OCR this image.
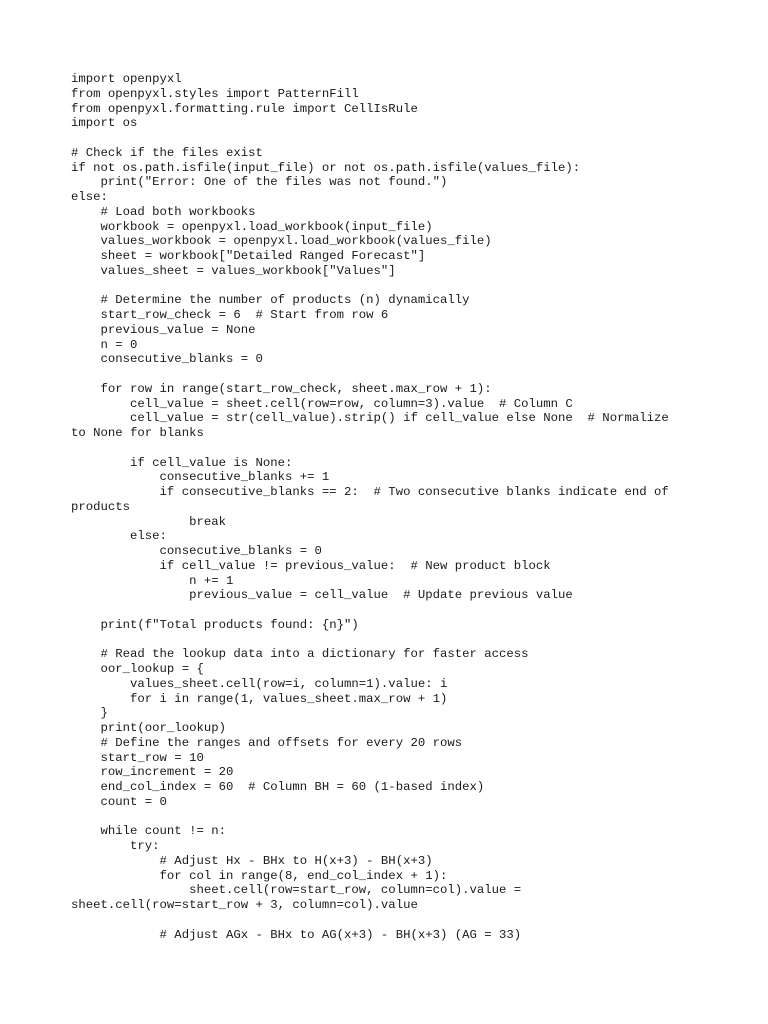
import openpyxl
from openpyxl.styles import PatternFill
from openpyxl.formatting.rule import CellIsRule
import os
# Check if the files exist
if not os.path.isfile(input_file) or not os.path.isfile(values_file):
print("Error: One of the files was not found.")
else:
# Load both workbooks
workbook = openpyxl.load_workbook(input_file)
values_workbook = openpyxl.load_workbook(values_file)
sheet = workbook["Detailed Ranged Forecast"]
values_sheet = values_workbook["Values"]
# Determine the number of products (n) dynamically
start_row_check = 6  # Start from row 6
previous_value = None
n = 0
consecutive_blanks = 0
for row in range(start_row_check, sheet.max_row + 1):
cell_value = sheet.cell(row=row, column=3).value  # Column C
cell_value = str(cell_value).strip() if cell_value else None  # Normalize
to None for blanks
if cell_value is None:
consecutive_blanks += 1
if consecutive_blanks == 2:  # Two consecutive blanks indicate end of
products
break
else:
consecutive_blanks = 0
if cell_value != previous_value:  # New product block
n += 1
previous_value = cell_value  # Update previous value
print(f"Total products found: {n}")
# Read the lookup data into a dictionary for faster access
oor_lookup = {
values_sheet.cell(row=i, column=1).value: i
for i in range(1, values_sheet.max_row + 1)
}
print(oor_lookup)
# Define the ranges and offsets for every 20 rows
start_row = 10
row_increment = 20
end_col_index = 60  # Column BH = 60 (1-based index)
count = 0
while count != n:
try:
# Adjust Hx - BHx to H(x+3) - BH(x+3)
for col in range(8, end_col_index + 1):
sheet.cell(row=start_row, column=col).value =
sheet.cell(row=start_row + 3, column=col).value
# Adjust AGx - BHx to AG(x+3) - BH(x+3) (AG = 33)
